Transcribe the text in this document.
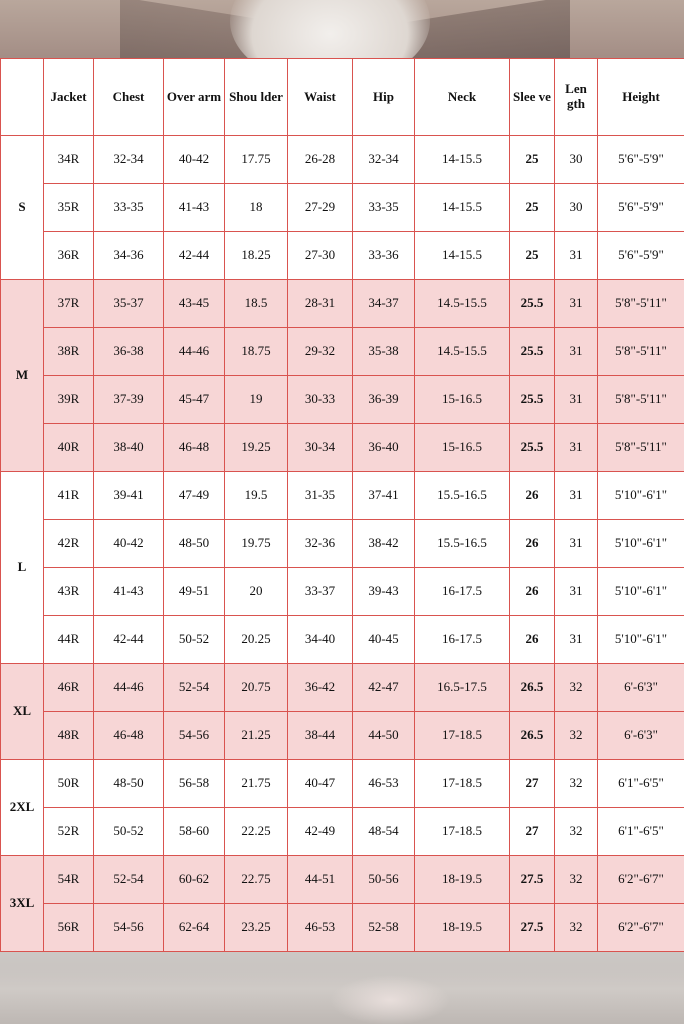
	Jacket	Chest	Over arm	Shou lder	Waist	Hip	Neck	Slee ve	Len gth	Height
S	34R	32-34	40-42	17.75	26-28	32-34	14-15.5	25	30	5'6"-5'9"
	35R	33-35	41-43	18	27-29	33-35	14-15.5	25	30	5'6"-5'9"
	36R	34-36	42-44	18.25	27-30	33-36	14-15.5	25	31	5'6"-5'9"
M	37R	35-37	43-45	18.5	28-31	34-37	14.5-15.5	25.5	31	5'8"-5'11"
	38R	36-38	44-46	18.75	29-32	35-38	14.5-15.5	25.5	31	5'8"-5'11"
	39R	37-39	45-47	19	30-33	36-39	15-16.5	25.5	31	5'8"-5'11"
	40R	38-40	46-48	19.25	30-34	36-40	15-16.5	25.5	31	5'8"-5'11"
L	41R	39-41	47-49	19.5	31-35	37-41	15.5-16.5	26	31	5'10"-6'1"
	42R	40-42	48-50	19.75	32-36	38-42	15.5-16.5	26	31	5'10"-6'1"
	43R	41-43	49-51	20	33-37	39-43	16-17.5	26	31	5'10"-6'1"
	44R	42-44	50-52	20.25	34-40	40-45	16-17.5	26	31	5'10"-6'1"
XL	46R	44-46	52-54	20.75	36-42	42-47	16.5-17.5	26.5	32	6'-6'3"
	48R	46-48	54-56	21.25	38-44	44-50	17-18.5	26.5	32	6'-6'3"
2XL	50R	48-50	56-58	21.75	40-47	46-53	17-18.5	27	32	6'1"-6'5"
	52R	50-52	58-60	22.25	42-49	48-54	17-18.5	27	32	6'1"-6'5"
3XL	54R	52-54	60-62	22.75	44-51	50-56	18-19.5	27.5	32	6'2"-6'7"
	56R	54-56	62-64	23.25	46-53	52-58	18-19.5	27.5	32	6'2"-6'7"
